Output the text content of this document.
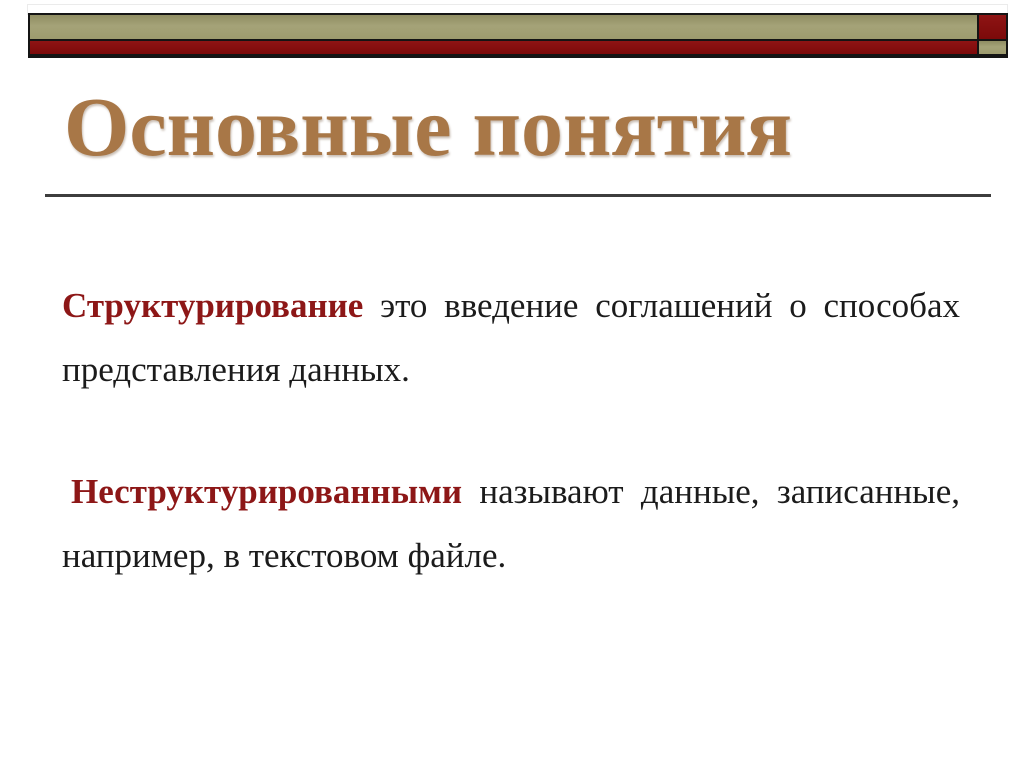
Основные понятия
Структурирование это введение соглашений о способах
представления данных.
Неструктурированными называют данные, записанные,
например, в текстовом файле.
